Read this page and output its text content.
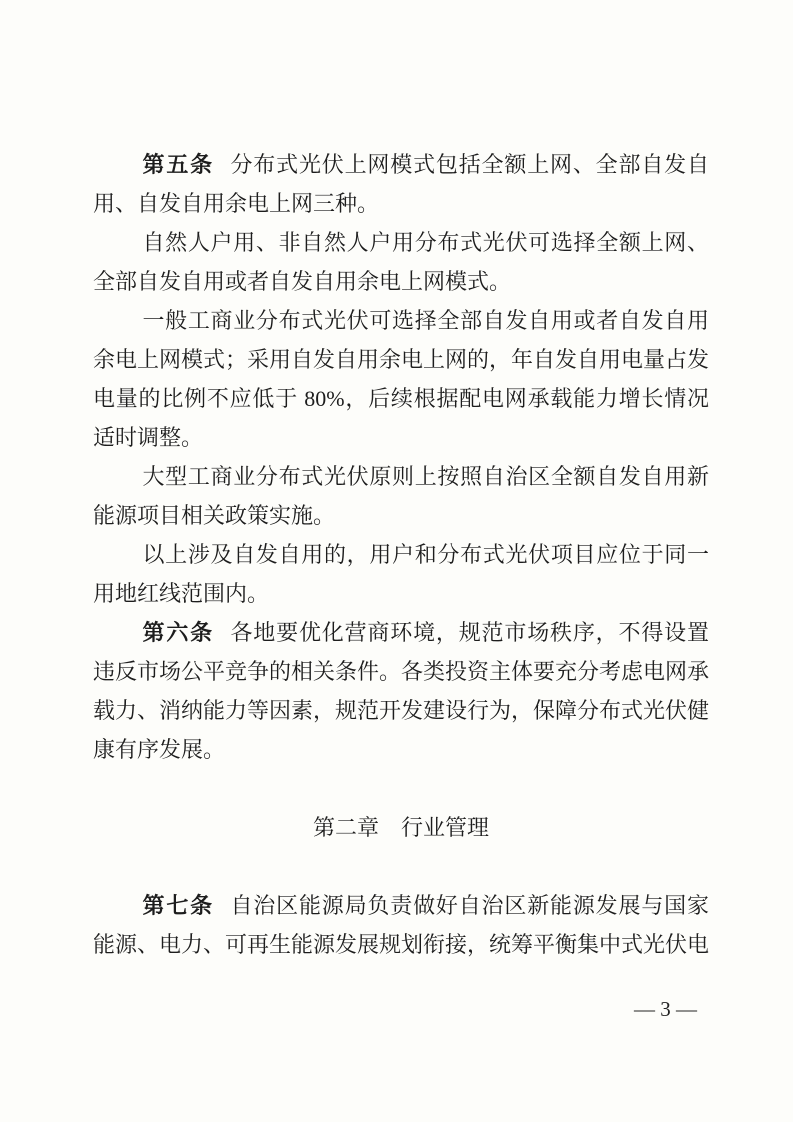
第五条 分布式光伏上网模式包括全额上网、全部自发自用、自发自用余电上网三种。

自然人户用、非自然人户用分布式光伏可选择全额上网、全部自发自用或者自发自用余电上网模式。

一般工商业分布式光伏可选择全部自发自用或者自发自用余电上网模式；采用自发自用余电上网的，年自发自用电量占发电量的比例不应低于 80%，后续根据配电网承载能力增长情况适时调整。

大型工商业分布式光伏原则上按照自治区全额自发自用新能源项目相关政策实施。

以上涉及自发自用的，用户和分布式光伏项目应位于同一用地红线范围内。

第六条 各地要优化营商环境，规范市场秩序，不得设置违反市场公平竞争的相关条件。各类投资主体要充分考虑电网承载力、消纳能力等因素，规范开发建设行为，保障分布式光伏健康有序发展。

第二章　行业管理

第七条 自治区能源局负责做好自治区新能源发展与国家能源、电力、可再生能源发展规划衔接，统筹平衡集中式光伏电

— 3 —
